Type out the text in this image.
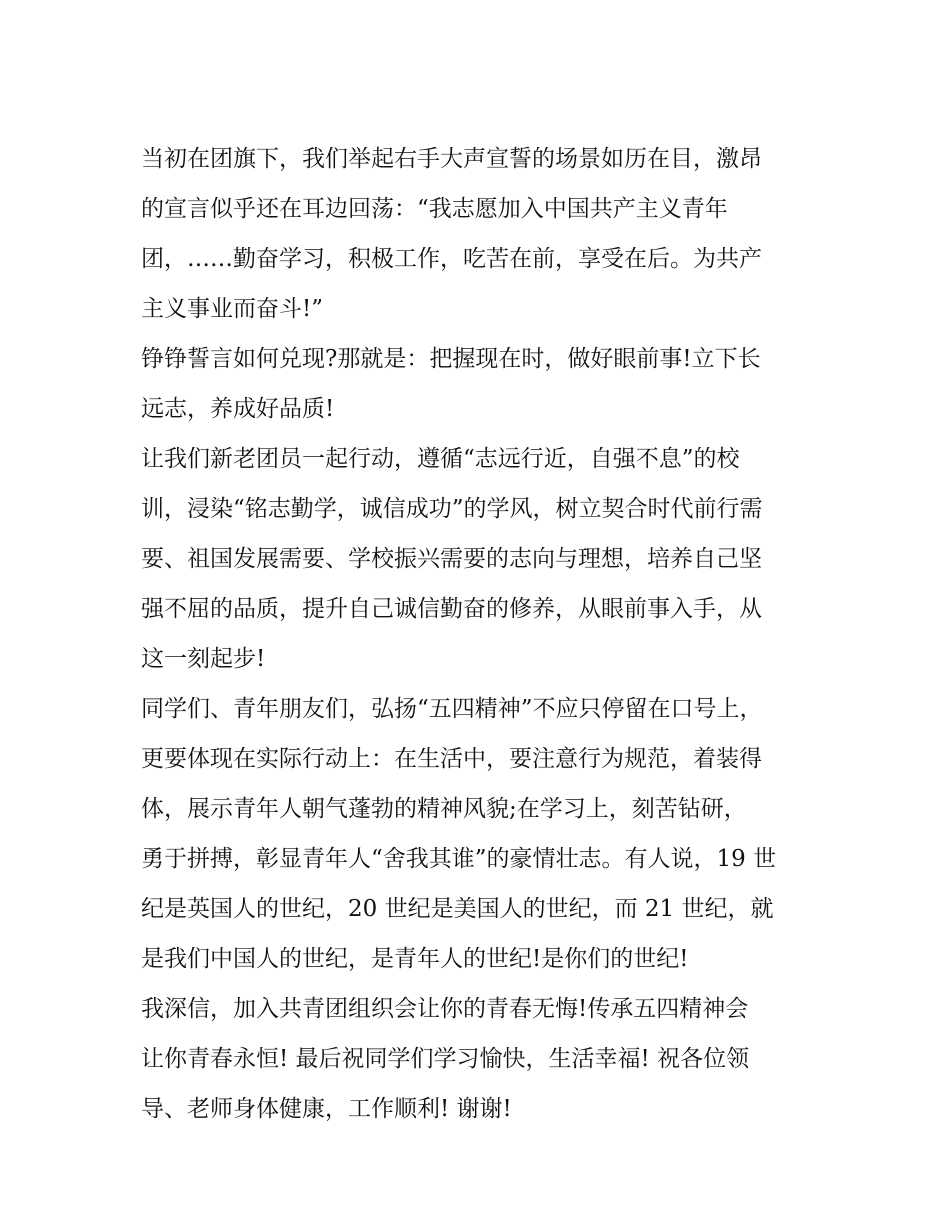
当初在团旗下，我们举起右手大声宣誓的场景如历在目，激昂
的宣言似乎还在耳边回荡：“我志愿加入中国共产主义青年
团，……勤奋学习，积极工作，吃苦在前，享受在后。为共产
主义事业而奋斗!”
铮铮誓言如何兑现?那就是：把握现在时，做好眼前事!立下长
远志，养成好品质!
让我们新老团员一起行动，遵循“志远行近，自强不息”的校
训，浸染“铭志勤学，诚信成功”的学风，树立契合时代前行需
要、祖国发展需要、学校振兴需要的志向与理想，培养自己坚
强不屈的品质，提升自己诚信勤奋的修养，从眼前事入手，从
这一刻起步!
同学们、青年朋友们，弘扬“五四精神”不应只停留在口号上，
更要体现在实际行动上：在生活中，要注意行为规范，着装得
体，展示青年人朝气蓬勃的精神风貌;在学习上，刻苦钻研，
勇于拼搏，彰显青年人“舍我其谁”的豪情壮志。有人说，19 世
纪是英国人的世纪，20 世纪是美国人的世纪，而 21 世纪，就
是我们中国人的世纪，是青年人的世纪!是你们的世纪!
我深信，加入共青团组织会让你的青春无悔!传承五四精神会
让你青春永恒! 最后祝同学们学习愉快，生活幸福! 祝各位领
导、老师身体健康，工作顺利! 谢谢!
